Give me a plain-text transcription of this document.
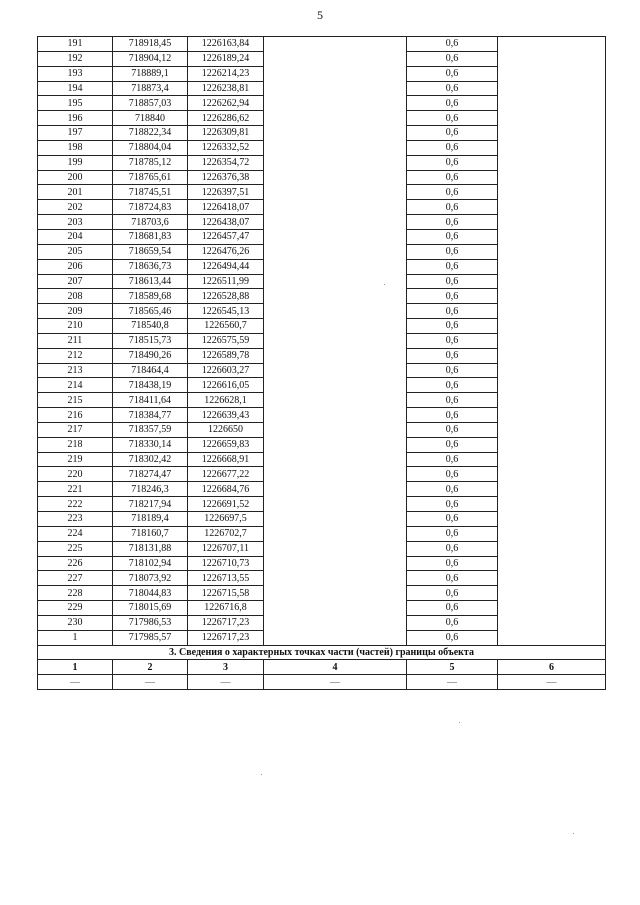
5
191	718918,45	1226163,84		0,6	
192	718904,12	1226189,24		0,6	
193	718889,1	1226214,23		0,6	
194	718873,4	1226238,81		0,6	
195	718857,03	1226262,94		0,6	
196	718840	1226286,62		0,6	
197	718822,34	1226309,81		0,6	
198	718804,04	1226332,52		0,6	
199	718785,12	1226354,72		0,6	
200	718765,61	1226376,38		0,6	
201	718745,51	1226397,51		0,6	
202	718724,83	1226418,07		0,6	
203	718703,6	1226438,07		0,6	
204	718681,83	1226457,47		0,6	
205	718659,54	1226476,26		0,6	
206	718636,73	1226494,44		0,6	
207	718613,44	1226511,99		0,6	
208	718589,68	1226528,88		0,6	
209	718565,46	1226545,13		0,6	
210	718540,8	1226560,7		0,6	
211	718515,73	1226575,59		0,6	
212	718490,26	1226589,78		0,6	
213	718464,4	1226603,27		0,6	
214	718438,19	1226616,05		0,6	
215	718411,64	1226628,1		0,6	
216	718384,77	1226639,43		0,6	
217	718357,59	1226650		0,6	
218	718330,14	1226659,83		0,6	
219	718302,42	1226668,91		0,6	
220	718274,47	1226677,22		0,6	
221	718246,3	1226684,76		0,6	
222	718217,94	1226691,52		0,6	
223	718189,4	1226697,5		0,6	
224	718160,7	1226702,7		0,6	
225	718131,88	1226707,11		0,6	
226	718102,94	1226710,73		0,6	
227	718073,92	1226713,55		0,6	
228	718044,83	1226715,58		0,6	
229	718015,69	1226716,8		0,6	
230	717986,53	1226717,23		0,6	
1	717985,57	1226717,23		0,6	
3. Сведения о характерных точках части (частей) границы объекта					
1	2	3	4	5	6
—	—	—	—	—	—
